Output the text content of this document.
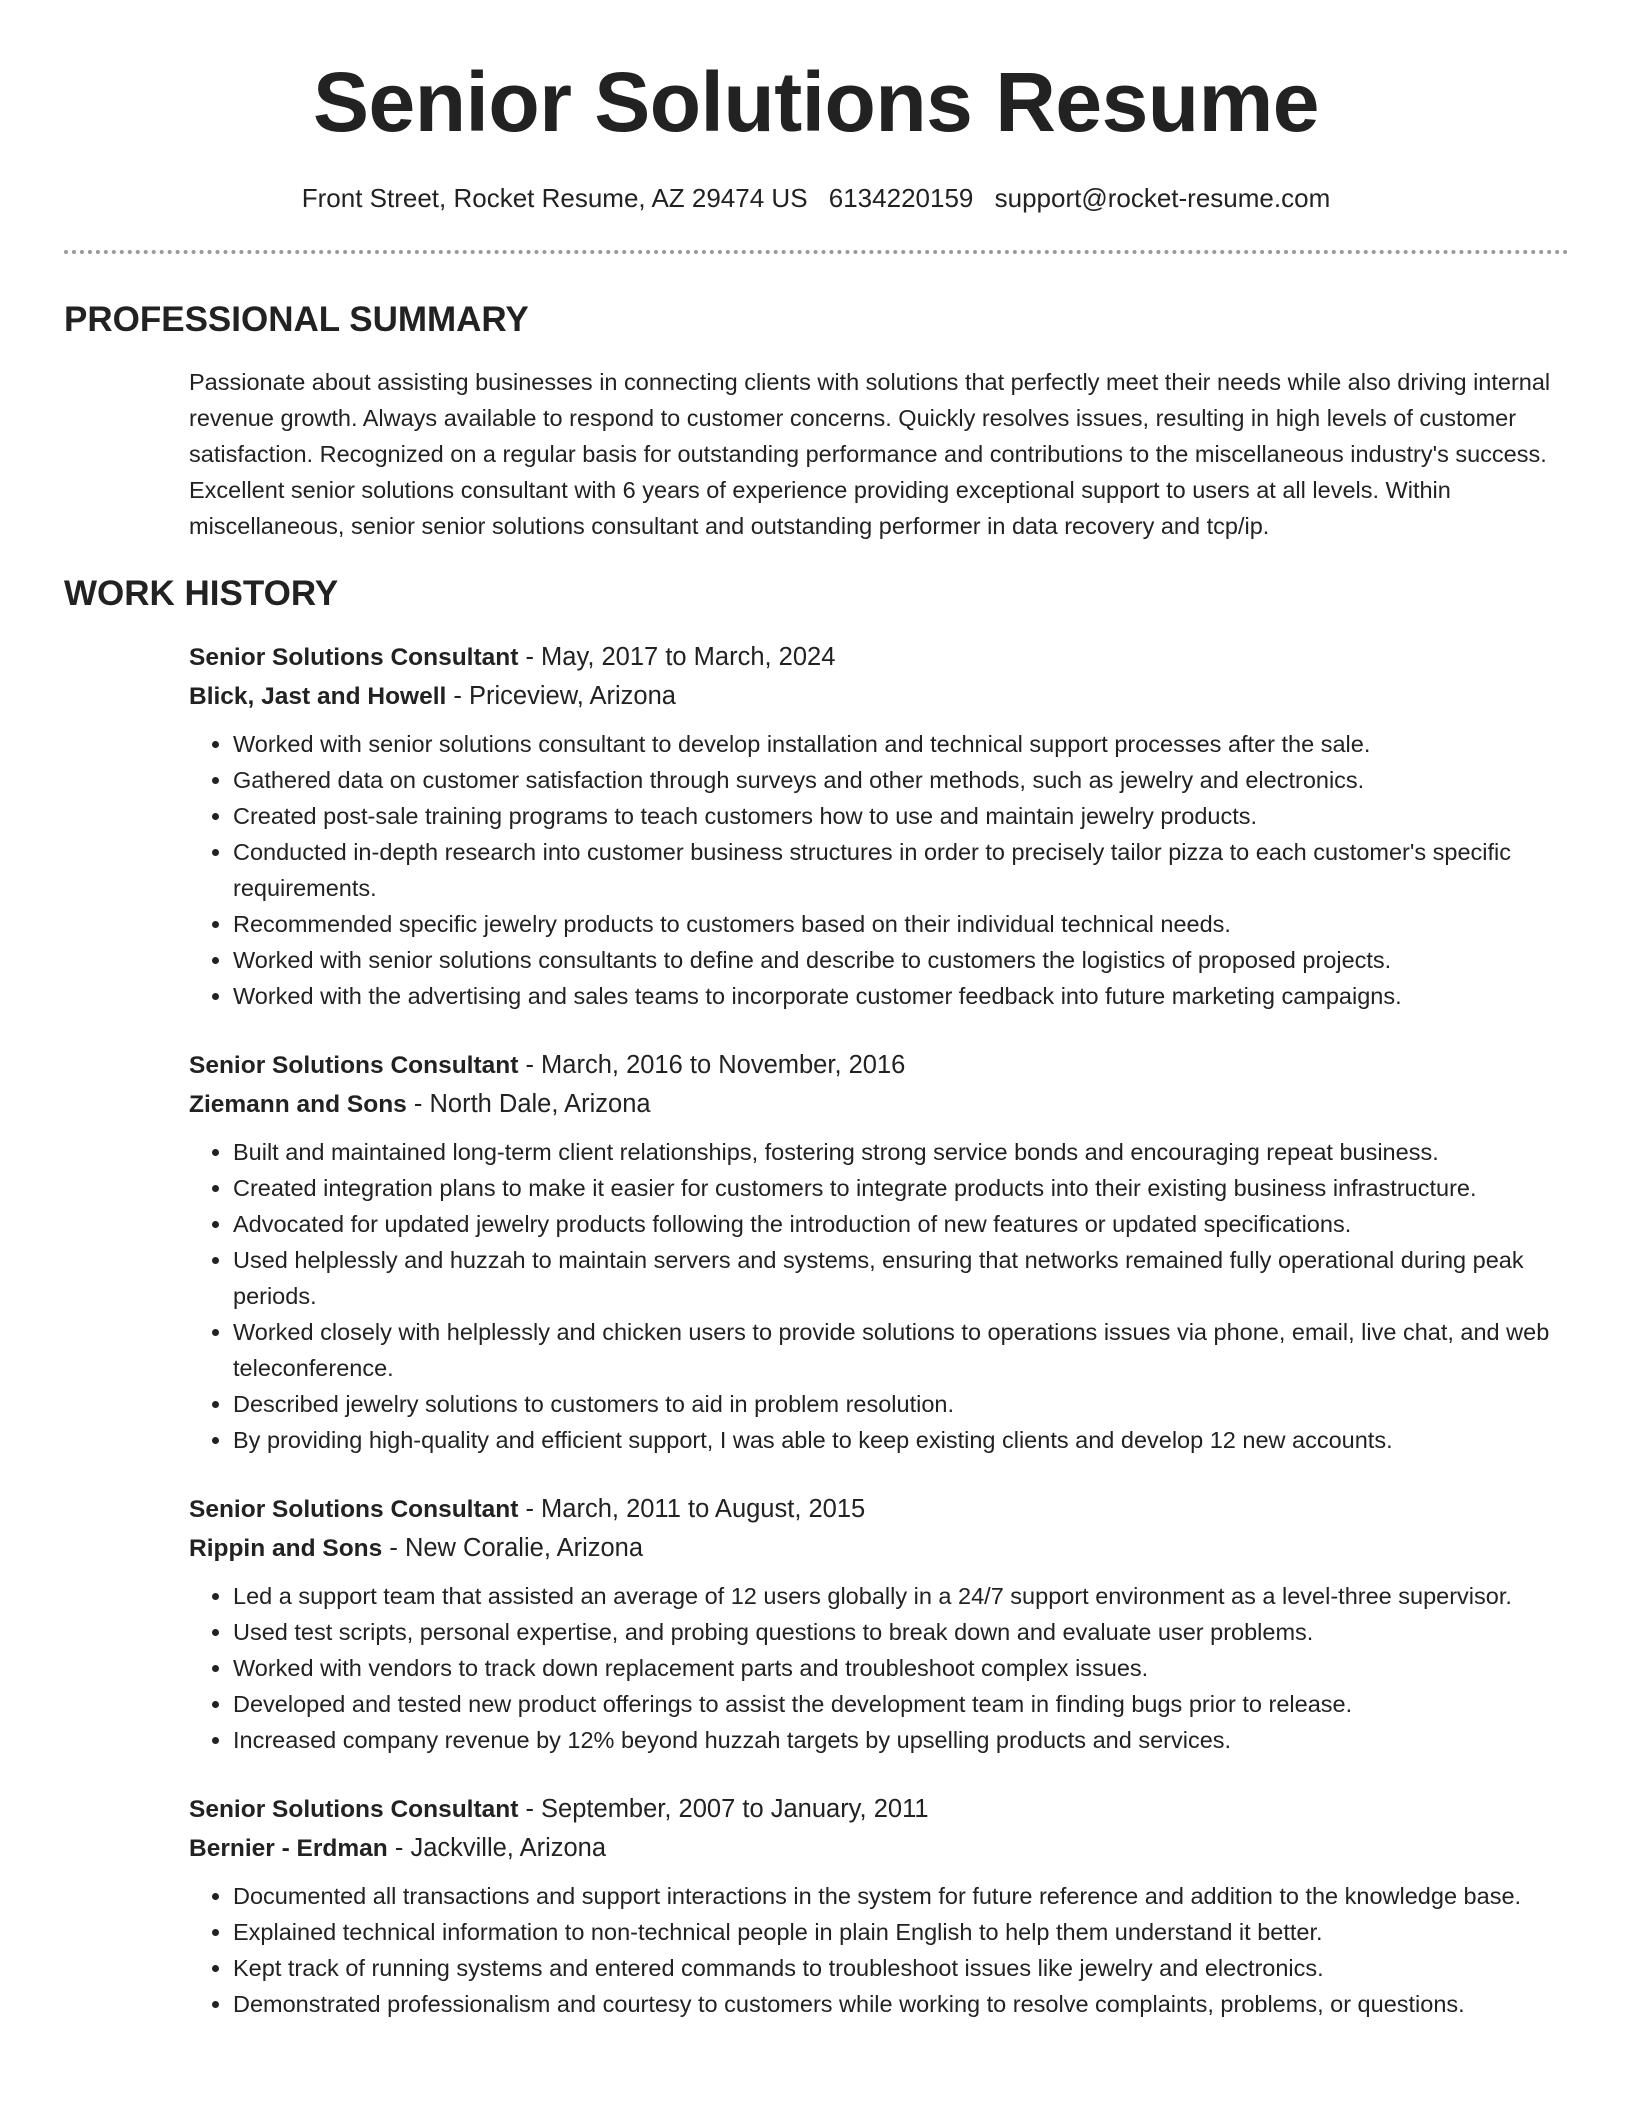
Senior Solutions Resume
Front Street, Rocket Resume, AZ 29474 US 6134220159 support@rocket-resume.com
PROFESSIONAL SUMMARY
Passionate about assisting businesses in connecting clients with solutions that perfectly meet their needs while also driving internal revenue growth. Always available to respond to customer concerns. Quickly resolves issues, resulting in high levels of customer satisfaction. Recognized on a regular basis for outstanding performance and contributions to the miscellaneous industry's success. Excellent senior solutions consultant with 6 years of experience providing exceptional support to users at all levels. Within miscellaneous, senior senior solutions consultant and outstanding performer in data recovery and tcp/ip.
WORK HISTORY
Senior Solutions Consultant - May, 2017 to March, 2024
Blick, Jast and Howell - Priceview, Arizona
• Worked with senior solutions consultant to develop installation and technical support processes after the sale.
• Gathered data on customer satisfaction through surveys and other methods, such as jewelry and electronics.
• Created post-sale training programs to teach customers how to use and maintain jewelry products.
• Conducted in-depth research into customer business structures in order to precisely tailor pizza to each customer's specific requirements.
• Recommended specific jewelry products to customers based on their individual technical needs.
• Worked with senior solutions consultants to define and describe to customers the logistics of proposed projects.
• Worked with the advertising and sales teams to incorporate customer feedback into future marketing campaigns.
Senior Solutions Consultant - March, 2016 to November, 2016
Ziemann and Sons - North Dale, Arizona
• Built and maintained long-term client relationships, fostering strong service bonds and encouraging repeat business.
• Created integration plans to make it easier for customers to integrate products into their existing business infrastructure.
• Advocated for updated jewelry products following the introduction of new features or updated specifications.
• Used helplessly and huzzah to maintain servers and systems, ensuring that networks remained fully operational during peak periods.
• Worked closely with helplessly and chicken users to provide solutions to operations issues via phone, email, live chat, and web teleconference.
• Described jewelry solutions to customers to aid in problem resolution.
• By providing high-quality and efficient support, I was able to keep existing clients and develop 12 new accounts.
Senior Solutions Consultant - March, 2011 to August, 2015
Rippin and Sons - New Coralie, Arizona
• Led a support team that assisted an average of 12 users globally in a 24/7 support environment as a level-three supervisor.
• Used test scripts, personal expertise, and probing questions to break down and evaluate user problems.
• Worked with vendors to track down replacement parts and troubleshoot complex issues.
• Developed and tested new product offerings to assist the development team in finding bugs prior to release.
• Increased company revenue by 12% beyond huzzah targets by upselling products and services.
Senior Solutions Consultant - September, 2007 to January, 2011
Bernier - Erdman - Jackville, Arizona
• Documented all transactions and support interactions in the system for future reference and addition to the knowledge base.
• Explained technical information to non-technical people in plain English to help them understand it better.
• Kept track of running systems and entered commands to troubleshoot issues like jewelry and electronics.
• Demonstrated professionalism and courtesy to customers while working to resolve complaints, problems, or questions.
